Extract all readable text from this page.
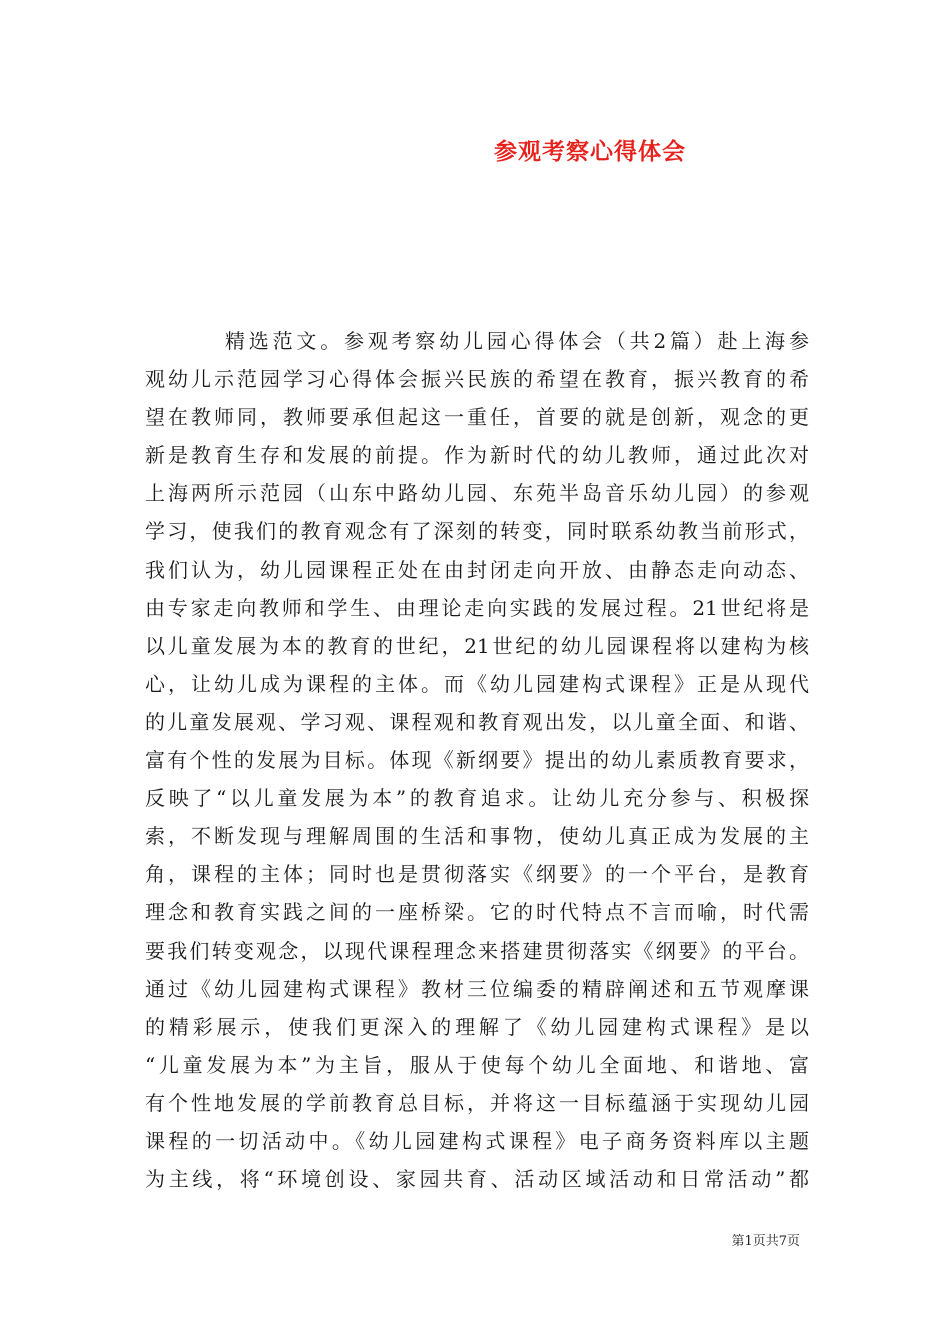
参观考察心得体会
精选范文。参观考察幼儿园心得体会（共2篇）赴上海参
观幼儿示范园学习心得体会振兴民族的希望在教育，振兴教育的希
望在教师同，教师要承但起这一重任，首要的就是创新，观念的更
新是教育生存和发展的前提。作为新时代的幼儿教师，通过此次对
上海两所示范园（山东中路幼儿园、东苑半岛音乐幼儿园）的参观
学习，使我们的教育观念有了深刻的转变，同时联系幼教当前形式，
我们认为，幼儿园课程正处在由封闭走向开放、由静态走向动态、
由专家走向教师和学生、由理论走向实践的发展过程。21世纪将是
以儿童发展为本的教育的世纪，21世纪的幼儿园课程将以建构为核
心，让幼儿成为课程的主体。而《幼儿园建构式课程》正是从现代
的儿童发展观、学习观、课程观和教育观出发，以儿童全面、和谐、
富有个性的发展为目标。体现《新纲要》提出的幼儿素质教育要求，
反映了“以儿童发展为本”的教育追求。让幼儿充分参与、积极探
索，不断发现与理解周围的生活和事物，使幼儿真正成为发展的主
角，课程的主体；同时也是贯彻落实《纲要》的一个平台，是教育
理念和教育实践之间的一座桥梁。它的时代特点不言而喻，时代需
要我们转变观念，以现代课程理念来搭建贯彻落实《纲要》的平台。
通过《幼儿园建构式课程》教材三位编委的精辟阐述和五节观摩课
的精彩展示，使我们更深入的理解了《幼儿园建构式课程》是以
“儿童发展为本”为主旨，服从于使每个幼儿全面地、和谐地、富
有个性地发展的学前教育总目标，并将这一目标蕴涵于实现幼儿园
课程的一切活动中。《幼儿园建构式课程》电子商务资料库以主题
为主线，将“环境创设、家园共育、活动区域活动和日常活动”都
第1页共7页
